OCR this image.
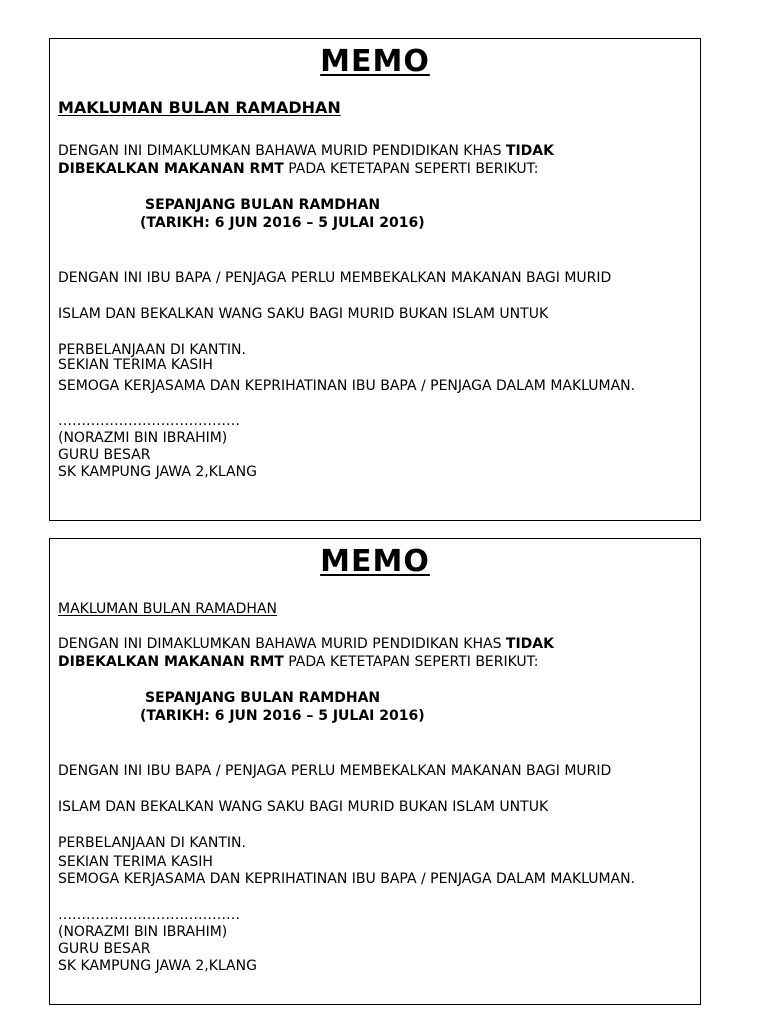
MEMO
MAKLUMAN BULAN RAMADHAN
DENGAN INI DIMAKLUMKAN BAHAWA MURID PENDIDIKAN KHAS TIDAK
DIBEKALKAN MAKANAN RMT PADA KETETAPAN SEPERTI BERIKUT:
SEPANJANG BULAN RAMDHAN
(TARIKH: 6 JUN 2016 – 5 JULAI 2016)

DENGAN INI IBU BAPA / PENJAGA PERLU MEMBEKALKAN MAKANAN BAGI MURID

ISLAM DAN BEKALKAN WANG SAKU BAGI MURID BUKAN ISLAM UNTUK

PERBELANJAAN DI KANTIN.

SEMOGA KERJASAMA DAN KEPRIHATINAN IBU BAPA / PENJAGA DALAM MAKLUMAN.

SEKIAN TERIMA KASIH
…………………………………
(NORAZMI BIN IBRAHIM)
GURU BESAR
SK KAMPUNG JAWA 2,KLANG
MEMO
MAKLUMAN BULAN RAMADHAN
DENGAN INI DIMAKLUMKAN BAHAWA MURID PENDIDIKAN KHAS TIDAK
DIBEKALKAN MAKANAN RMT PADA KETETAPAN SEPERTI BERIKUT:
SEPANJANG BULAN RAMDHAN
(TARIKH: 6 JUN 2016 – 5 JULAI 2016)

DENGAN INI IBU BAPA / PENJAGA PERLU MEMBEKALKAN MAKANAN BAGI MURID

ISLAM DAN BEKALKAN WANG SAKU BAGI MURID BUKAN ISLAM UNTUK

PERBELANJAAN DI KANTIN.

SEMOGA KERJASAMA DAN KEPRIHATINAN IBU BAPA / PENJAGA DALAM MAKLUMAN.

SEKIAN TERIMA KASIH
…………………………………
(NORAZMI BIN IBRAHIM)
GURU BESAR
SK KAMPUNG JAWA 2,KLANG
